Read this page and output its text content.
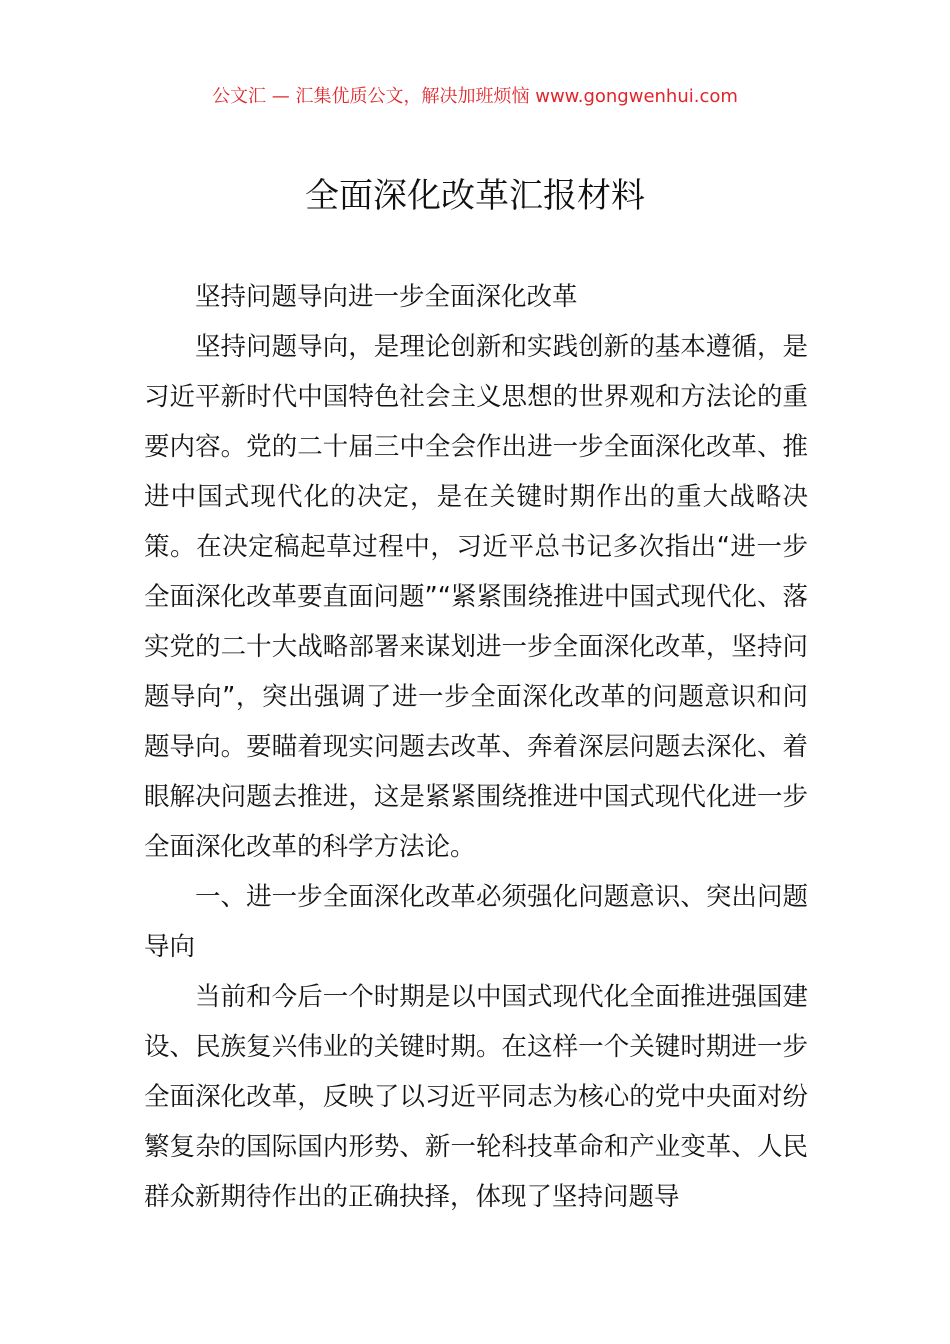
公文汇 — 汇集优质公文，解决加班烦恼 www.gongwenhui.com
全面深化改革汇报材料

坚持问题导向进一步全面深化改革

坚持问题导向，是理论创新和实践创新的基本遵循，是习近平新时代中国特色社会主义思想的世界观和方法论的重要内容。党的二十届三中全会作出进一步全面深化改革、推进中国式现代化的决定，是在关键时期作出的重大战略决策。在决定稿起草过程中，习近平总书记多次指出“进一步全面深化改革要直面问题”“紧紧围绕推进中国式现代化、落实党的二十大战略部署来谋划进一步全面深化改革，坚持问题导向”，突出强调了进一步全面深化改革的问题意识和问题导向。要瞄着现实问题去改革、奔着深层问题去深化、着眼解决问题去推进，这是紧紧围绕推进中国式现代化进一步全面深化改革的科学方法论。

一、进一步全面深化改革必须强化问题意识、突出问题导向

当前和今后一个时期是以中国式现代化全面推进强国建设、民族复兴伟业的关键时期。在这样一个关键时期进一步全面深化改革，反映了以习近平同志为核心的党中央面对纷繁复杂的国际国内形势、新一轮科技革命和产业变革、人民群众新期待作出的正确抉择，体现了坚持问题导
